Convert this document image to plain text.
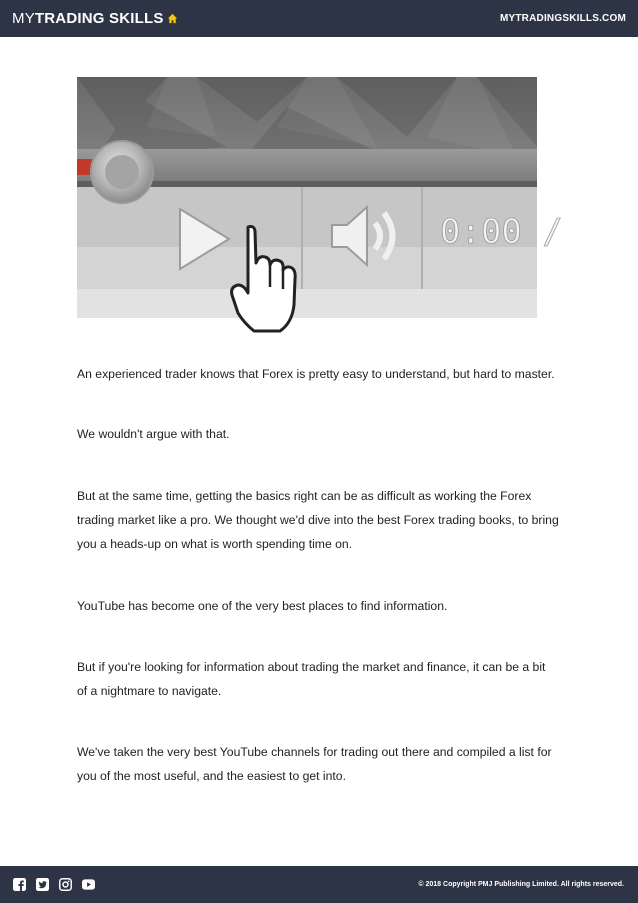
MY TRADING SKILLS	MYTRADINGSKILLS.COM
0:00 /
An experienced trader knows that Forex is pretty easy to understand, but hard to master.
We wouldn't argue with that.
But at the same time, getting the basics right can be as difficult as working the Forex
trading market like a pro. We thought we'd dive into the best Forex trading books, to bring
you a heads-up on what is worth spending time on.
YouTube has become one of the very best places to find information.
But if you're looking for information about trading the market and finance, it can be a bit
of a nightmare to navigate.
We've taken the very best YouTube channels for trading out there and compiled a list for
you of the most useful, and the easiest to get into.
© 2018 Copyright PMJ Publishing Limited. All rights reserved.
